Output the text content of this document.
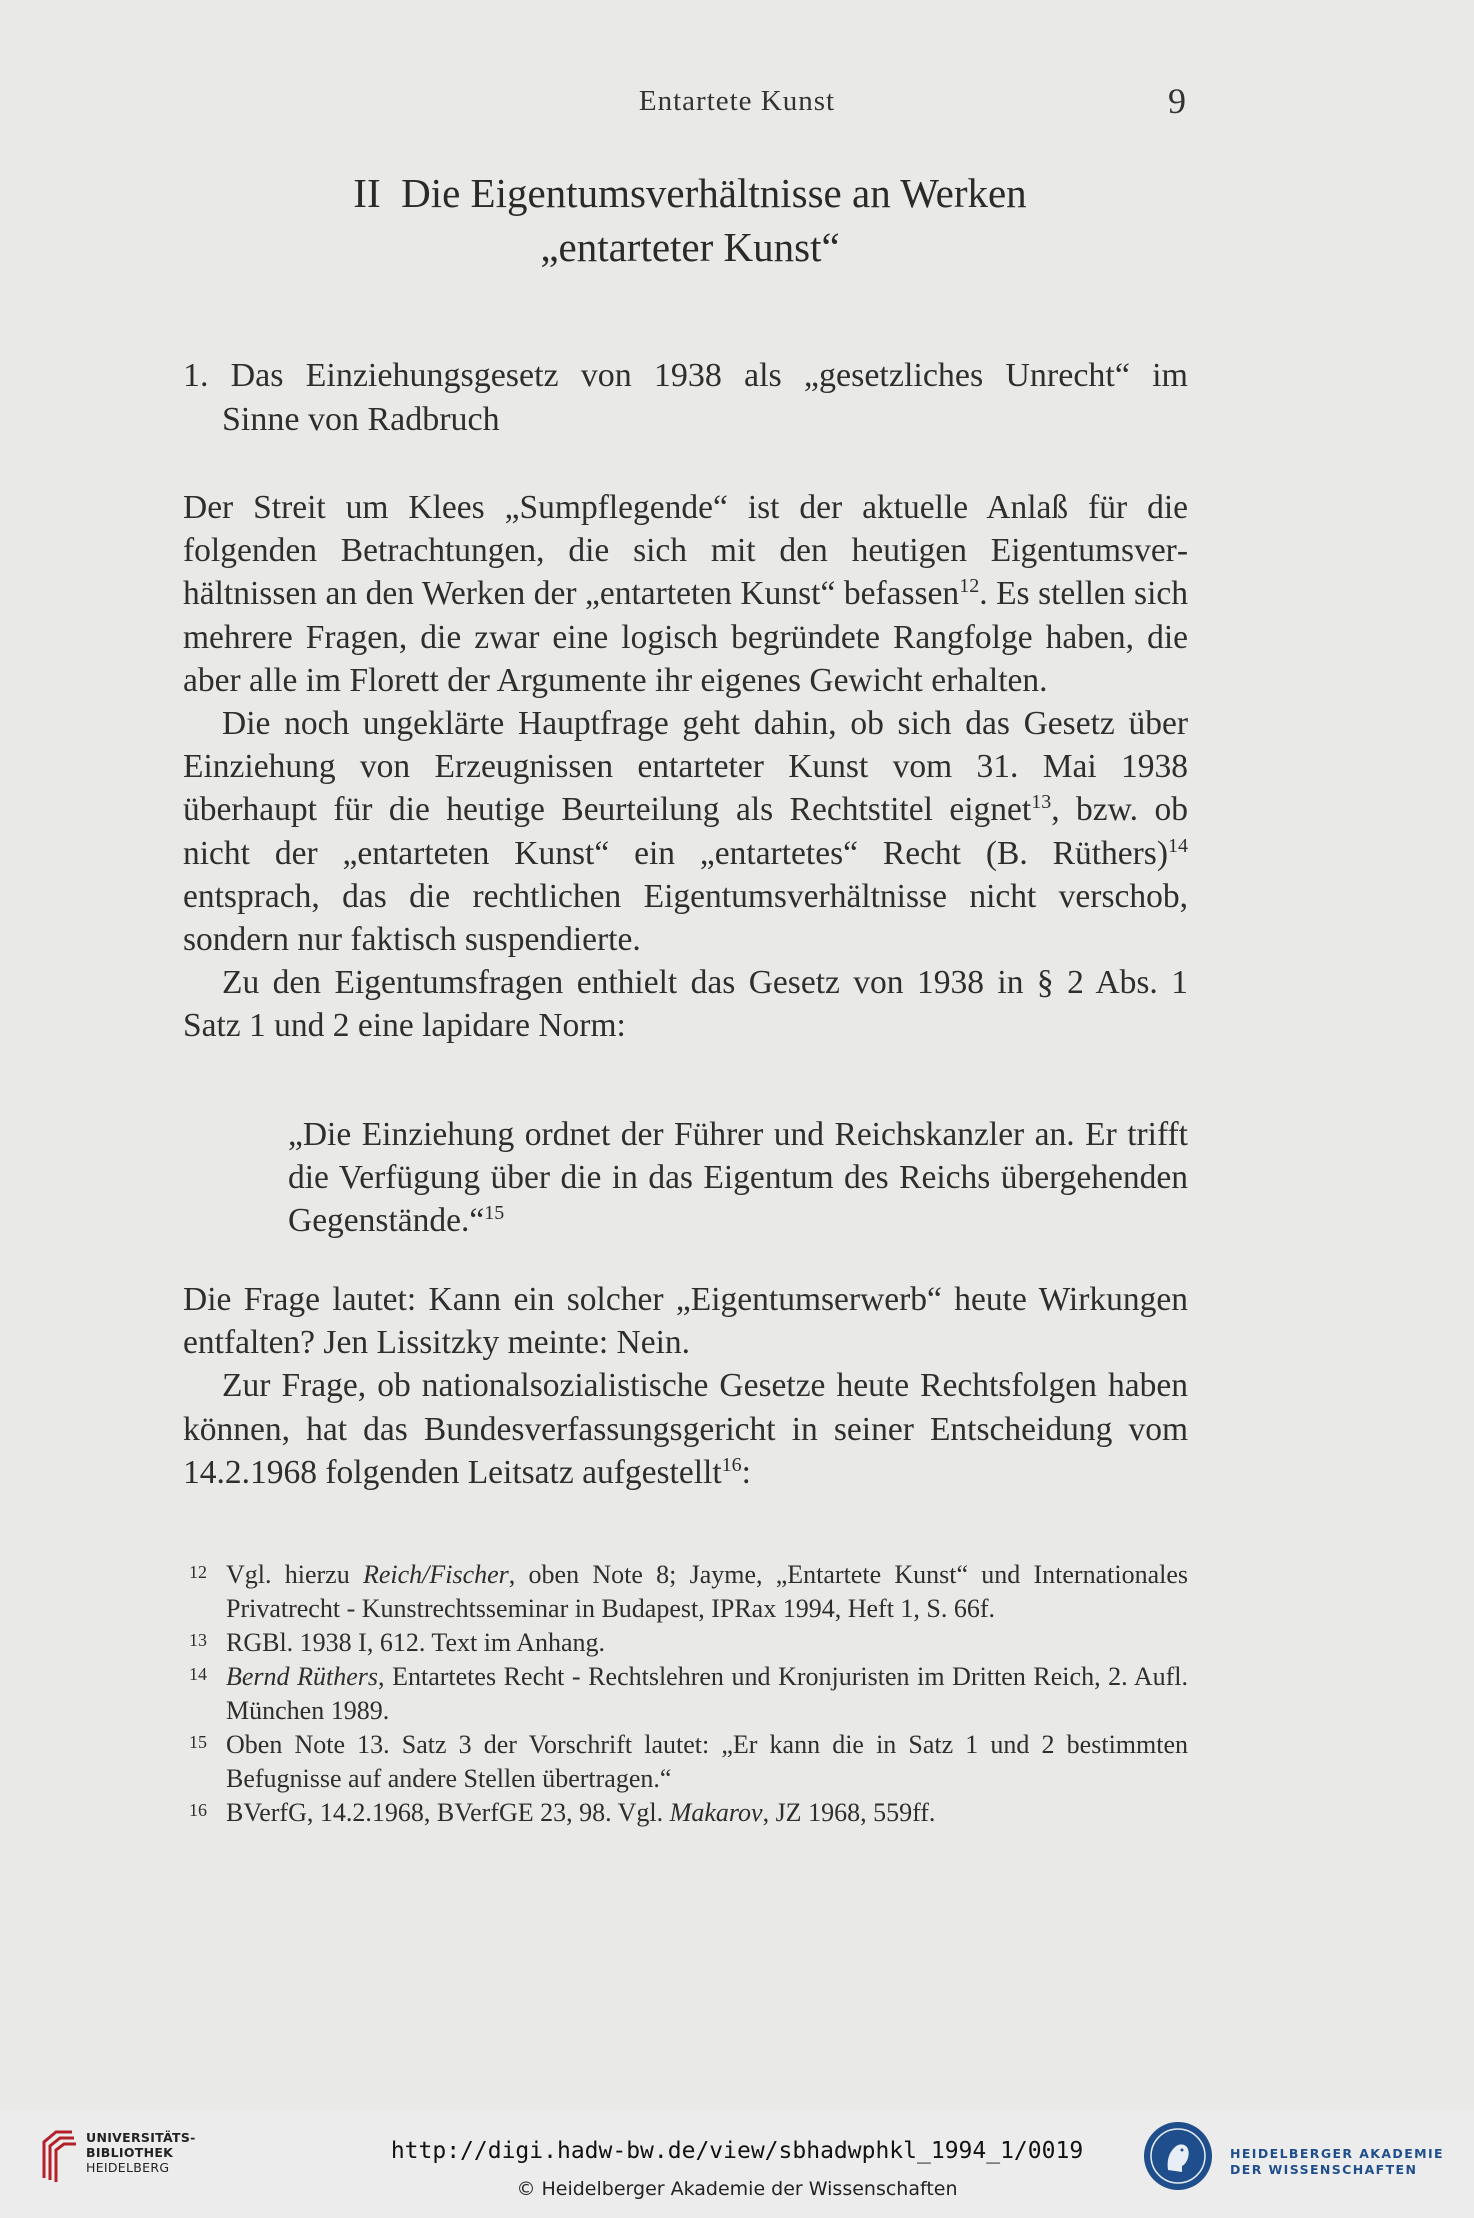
Entartete Kunst	9
II  Die Eigentumsverhältnisse an Werken
„entarteter Kunst“
1. Das Einziehungsgesetz von 1938 als „gesetzliches Unrecht“ im
Sinne von Radbruch

Der Streit um Klees „Sumpflegende“ ist der aktuelle Anlaß für die folgenden Betrachtungen, die sich mit den heutigen Eigentumsverhältnissen an den Werken der „entarteten Kunst“ befassen$^{12}$. Es stellen sich mehrere Fragen, die zwar eine logisch begründete Rangfolge haben, die aber alle im Florett der Argumente ihr eigenes Gewicht erhalten.

Die noch ungeklärte Hauptfrage geht dahin, ob sich das Gesetz über Einziehung von Erzeugnissen entarteter Kunst vom 31. Mai 1938 überhaupt für die heutige Beurteilung als Rechtstitel eignet$^{13}$, bzw. ob nicht der „entarteten Kunst“ ein „entartetes“ Recht (B. Rüthers)$^{14}$ entsprach, das die rechtlichen Eigentumsverhältnisse nicht verschob, sondern nur faktisch suspendierte.

Zu den Eigentumsfragen enthielt das Gesetz von 1938 in § 2 Abs. 1 Satz 1 und 2 eine lapidare Norm:

„Die Einziehung ordnet der Führer und Reichskanzler an. Er trifft die Verfügung über die in das Eigentum des Reichs übergehenden Gegenstände.“$^{15}$

Die Frage lautet: Kann ein solcher „Eigentumserwerb“ heute Wirkungen entfalten? Jen Lissitzky meinte: Nein.

Zur Frage, ob nationalsozialistische Gesetze heute Rechtsfolgen haben können, hat das Bundesverfassungsgericht in seiner Entscheidung vom 14.2.1968 folgenden Leitsatz aufgestellt$^{16}$:

12 Vgl. hierzu Reich/Fischer, oben Note 8; Jayme, „Entartete Kunst“ und Internationales Privatrecht - Kunstrechtsseminar in Budapest, IPRax 1994, Heft 1, S. 66f.
13 RGBl. 1938 I, 612. Text im Anhang.
14 Bernd Rüthers, Entartetes Recht - Rechtslehren und Kronjuristen im Dritten Reich, 2. Aufl. München 1989.
15 Oben Note 13. Satz 3 der Vorschrift lautet: „Er kann die in Satz 1 und 2 bestimmten Befugnisse auf andere Stellen übertragen.“
16 BVerfG, 14.2.1968, BVerfGE 23, 98. Vgl. Makarov, JZ 1968, 559ff.
UNIVERSITÄTS-
BIBLIOTHEK
HEIDELBERG
http://digi.hadw-bw.de/view/sbhadwphkl_1994_1/0019
© Heidelberger Akademie der Wissenschaften
HEIDELBERGER AKADEMIE
DER WISSENSCHAFTEN
